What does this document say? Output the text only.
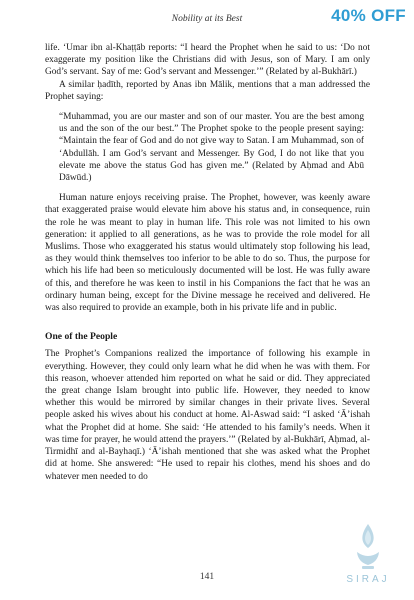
40% OFF
Nobility at its Best

life. ‘Umar ibn al-Khaṭṭāb reports: “I heard the Prophet when he said to us: ‘Do not exaggerate my position like the Christians did with Jesus, son of Mary. I am only God’s servant. Say of me: God’s servant and Messenger.’” (Related by al-Bukhārī.)

A similar ḥadīth, reported by Anas ibn Mālik, mentions that a man addressed the Prophet saying:

“Muhammad, you are our master and son of our master. You are the best among us and the son of the our best.” The Prophet spoke to the people present saying: “Maintain the fear of God and do not give way to Satan. I am Muhammad, son of ‘Abdullāh. I am God’s servant and Messenger. By God, I do not like that you elevate me above the status God has given me.” (Related by Aḥmad and Abū Dāwūd.)

Human nature enjoys receiving praise. The Prophet, however, was keenly aware that exaggerated praise would elevate him above his status and, in consequence, ruin the role he was meant to play in human life. This role was not limited to his own generation: it applied to all generations, as he was to provide the role model for all Muslims. Those who exaggerated his status would ultimately stop following his lead, as they would think themselves too inferior to be able to do so. Thus, the purpose for which his life had been so meticulously documented will be lost. He was fully aware of this, and therefore he was keen to instil in his Companions the fact that he was an ordinary human being, except for the Divine message he received and delivered. He was also required to provide an example, both in his private life and in public.

One of the People

The Prophet’s Companions realized the importance of following his example in everything. However, they could only learn what he did when he was with them. For this reason, whoever attended him reported on what he said or did. They appreciated the great change Islam brought into public life. However, they needed to know whether this would be mirrored by similar changes in their private lives. Several people asked his wives about his conduct at home. Al-Aswad said: “I asked ‘Ā’ishah what the Prophet did at home. She said: ‘He attended to his family’s needs. When it was time for prayer, he would attend the prayers.’” (Related by al-Bukhārī, Aḥmad, al-Tirmidhī and al-Bayhaqī.) ‘Ā’ishah mentioned that she was asked what the Prophet did at home. She answered: “He used to repair his clothes, mend his shoes and do whatever men needed to do

141	SIRAJ
